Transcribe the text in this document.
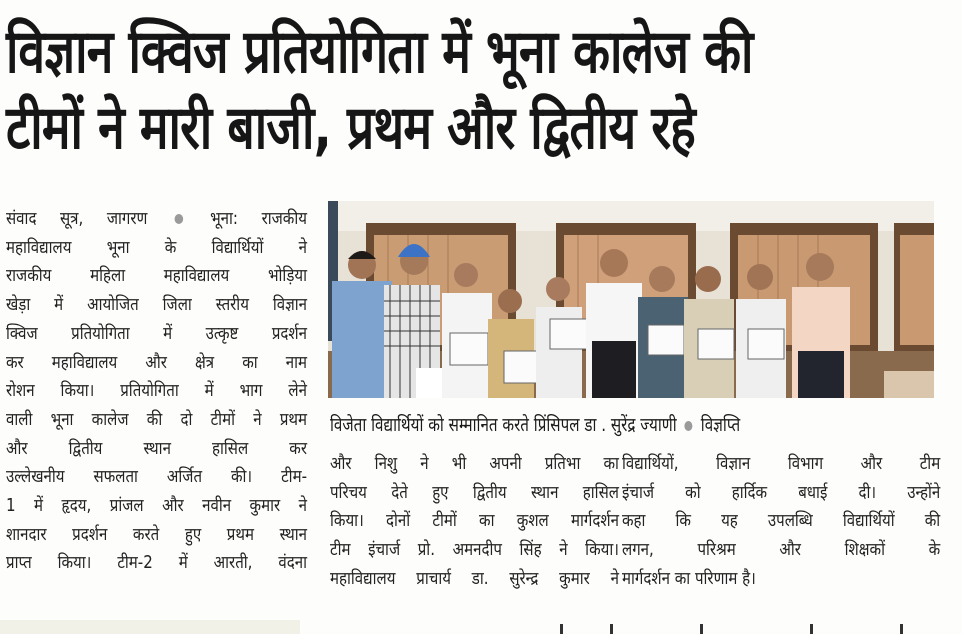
विज्ञान क्विज प्रतियोगिता में भूना कालेज की
टीमों ने मारी बाजी, प्रथम और द्वितीय रहे
संवाद सूत्र, जागरण	भूना: राजकीय
महाविद्यालय भूना के विद्यार्थियों ने
राजकीय महिला महाविद्यालय भोड़िया
खेड़ा में आयोजित जिला स्तरीय विज्ञान
क्विज प्रतियोगिता में उत्कृष्ट प्रदर्शन
कर महाविद्यालय और क्षेत्र का नाम
रोशन किया। प्रतियोगिता में भाग लेने
वाली भूना कालेज की दो टीमों ने प्रथम
और द्वितीय स्थान हासिल कर
उल्लेखनीय सफलता अर्जित की। टीम-
1 में हृदय, प्रांजल और नवीन कुमार ने
शानदार प्रदर्शन करते हुए प्रथम स्थान
प्राप्त किया। टीम-2 में आरती, वंदना
विजेता विद्यार्थियों को सम्मानित करते प्रिंसिपल डा . सुरेंद्र ज्याणी विज्ञप्ति
और निशु ने भी अपनी प्रतिभा का
परिचय देते हुए द्वितीय स्थान हासिल
किया। दोनों टीमों का कुशल मार्गदर्शन
टीम इंचार्ज प्रो. अमनदीप सिंह ने किया।
महाविद्यालय प्राचार्य डा. सुरेन्द्र कुमार ने
विद्यार्थियों, विज्ञान विभाग और टीम
इंचार्ज को हार्दिक बधाई दी। उन्होंने
कहा कि यह उपलब्धि विद्यार्थियों की
लगन, परिश्रम और शिक्षकों के
मार्गदर्शन का परिणाम है।
